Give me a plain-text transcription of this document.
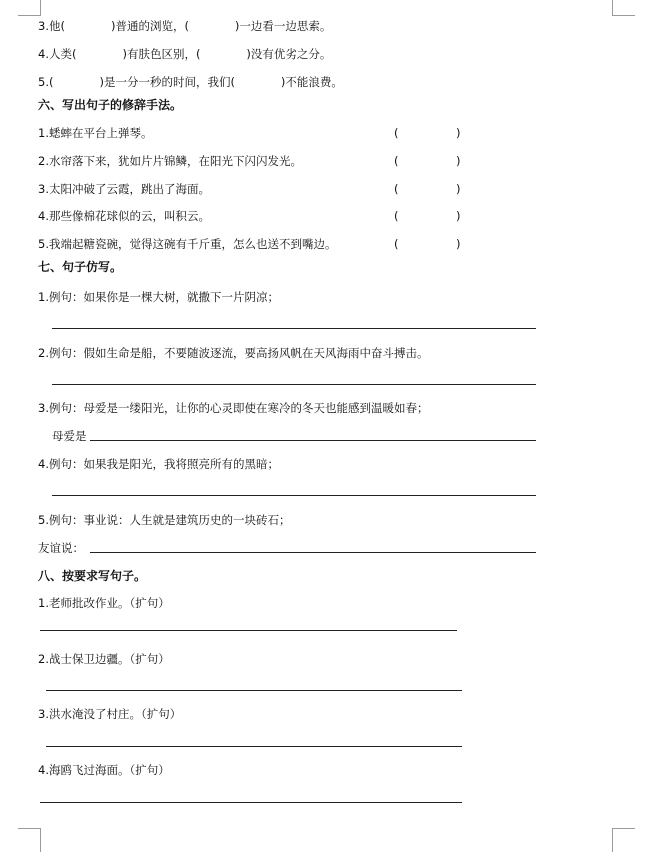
3.他(　　　　)普通的浏览，(　　　　)一边看一边思索。
4.人类(　　　　)有肤色区别，(　　　　)没有优劣之分。
5.(　　　　)是一分一秒的时间，我们(　　　　)不能浪费。
六、写出句子的修辞手法。
1.蟋蟀在平台上弹琴。	(　　　　　)
2.水帘落下来，犹如片片锦鳞，在阳光下闪闪发光。	(　　　　　)
3.太阳冲破了云霞，跳出了海面。	(　　　　　)
4.那些像棉花球似的云，叫积云。	(　　　　　)
5.我端起糖瓷碗，觉得这碗有千斤重，怎么也送不到嘴边。	(　　　　　)
七、句子仿写。
1.例句：如果你是一棵大树，就撒下一片阴凉；
2.例句：假如生命是船，不要随波逐流，要高扬风帆在天风海雨中奋斗搏击。
3.例句：母爱是一缕阳光，让你的心灵即使在寒冷的冬天也能感到温暖如春；
母爱是
4.例句：如果我是阳光，我将照亮所有的黑暗；
5.例句：事业说：人生就是建筑历史的一块砖石；
友谊说：
八、按要求写句子。
1.老师批改作业。（扩句）
2.战士保卫边疆。（扩句）
3.洪水淹没了村庄。（扩句）
4.海鸥飞过海面。（扩句）
